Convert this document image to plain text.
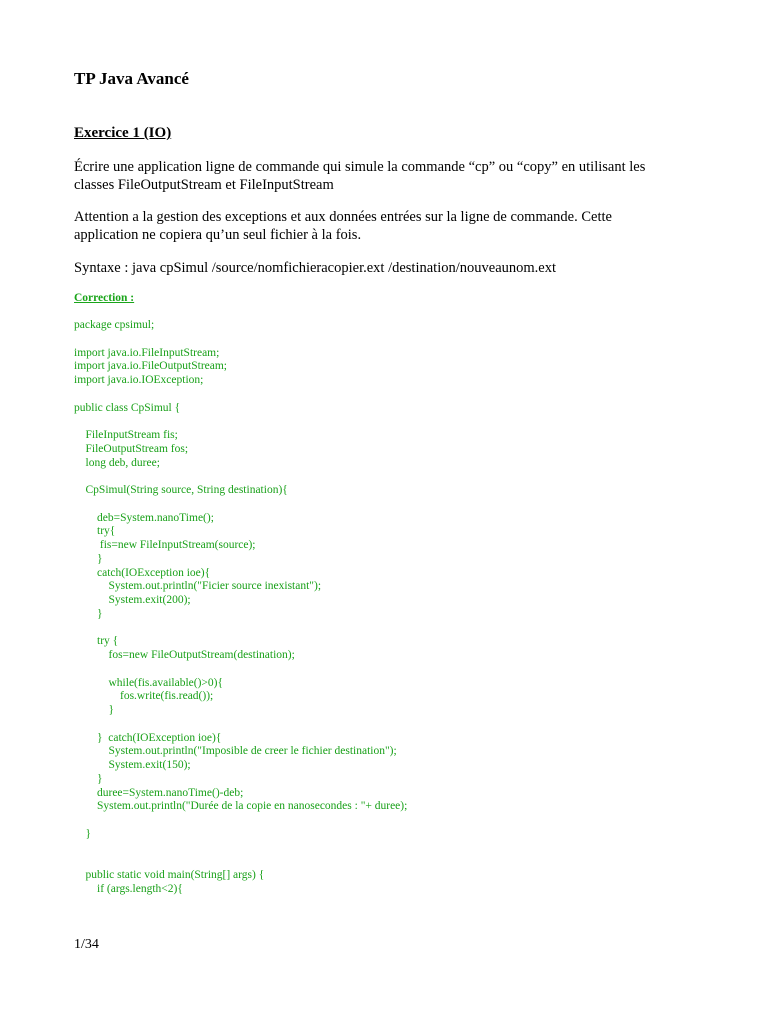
TP Java Avancé
Exercice 1 (IO)

Écrire une application ligne de commande qui simule la commande “cp” ou “copy” en utilisant les

classes FileOutputStream et FileInputStream

Attention a la gestion des exceptions et aux données entrées sur la ligne de commande. Cette

application ne copiera qu’un seul fichier à la fois.

Syntaxe : java cpSimul /source/nomfichieracopier.ext /destination/nouveaunom.ext

Correction :
package cpsimul;
import java.io.FileInputStream;
import java.io.FileOutputStream;
import java.io.IOException;
public class CpSimul {
FileInputStream fis;
FileOutputStream fos;
long deb, duree;
CpSimul(String source, String destination){
deb=System.nanoTime();
try{
fis=new FileInputStream(source);
}
catch(IOException ioe){
System.out.println("Ficier source inexistant");
System.exit(200);
}
try {
fos=new FileOutputStream(destination);
while(fis.available()>0){
fos.write(fis.read());
}
}  catch(IOException ioe){
System.out.println("Imposible de creer le fichier destination");
System.exit(150);
}
duree=System.nanoTime()-deb;
System.out.println("Durée de la copie en nanosecondes : "+ duree);
}
public static void main(String[] args) {
if (args.length<2){
1/34
